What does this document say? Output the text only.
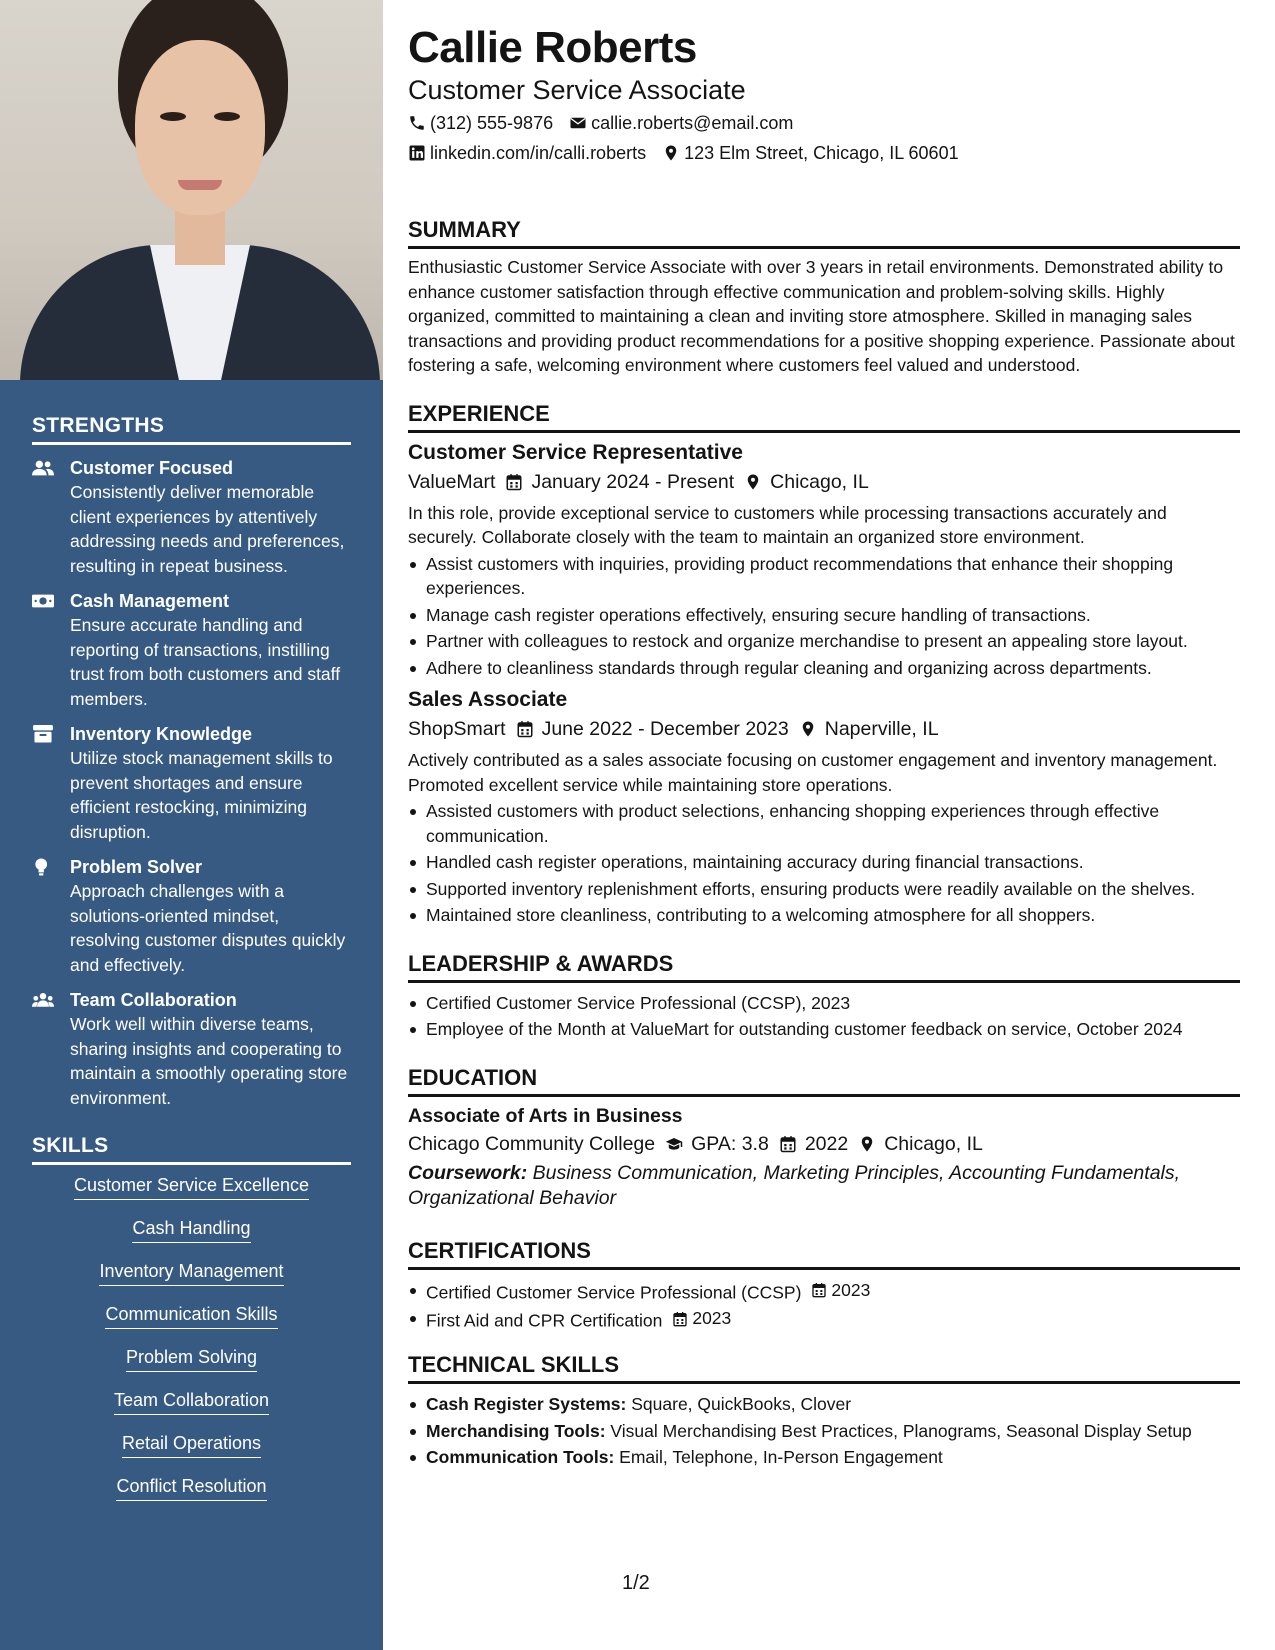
STRENGTHS
Customer Focused
Consistently deliver memorable client experiences by attentively addressing needs and preferences, resulting in repeat business.
Cash Management
Ensure accurate handling and reporting of transactions, instilling trust from both customers and staff members.
Inventory Knowledge
Utilize stock management skills to prevent shortages and ensure efficient restocking, minimizing disruption.
Problem Solver
Approach challenges with a solutions-oriented mindset, resolving customer disputes quickly and effectively.
Team Collaboration
Work well within diverse teams, sharing insights and cooperating to maintain a smoothly operating store environment.
SKILLS
Customer Service Excellence
Cash Handling
Inventory Management
Communication Skills
Problem Solving
Team Collaboration
Retail Operations
Conflict Resolution
Callie Roberts
Customer Service Associate
(312) 555-9876 callie.roberts@email.com
linkedin.com/in/calli.roberts 123 Elm Street, Chicago, IL 60601
SUMMARY
Enthusiastic Customer Service Associate with over 3 years in retail environments. Demonstrated ability to enhance customer satisfaction through effective communication and problem-solving skills. Highly organized, committed to maintaining a clean and inviting store atmosphere. Skilled in managing sales transactions and providing product recommendations for a positive shopping experience. Passionate about fostering a safe, welcoming environment where customers feel valued and understood.
EXPERIENCE
Customer Service Representative
ValueMart January 2024 - Present Chicago, IL
In this role, provide exceptional service to customers while processing transactions accurately and securely. Collaborate closely with the team to maintain an organized store environment.
Assist customers with inquiries, providing product recommendations that enhance their shopping experiences.
Manage cash register operations effectively, ensuring secure handling of transactions.
Partner with colleagues to restock and organize merchandise to present an appealing store layout.
Adhere to cleanliness standards through regular cleaning and organizing across departments.
Sales Associate
ShopSmart June 2022 - December 2023 Naperville, IL
Actively contributed as a sales associate focusing on customer engagement and inventory management. Promoted excellent service while maintaining store operations.
Assisted customers with product selections, enhancing shopping experiences through effective communication.
Handled cash register operations, maintaining accuracy during financial transactions.
Supported inventory replenishment efforts, ensuring products were readily available on the shelves.
Maintained store cleanliness, contributing to a welcoming atmosphere for all shoppers.
LEADERSHIP & AWARDS
Certified Customer Service Professional (CCSP), 2023
Employee of the Month at ValueMart for outstanding customer feedback on service, October 2024
EDUCATION
Associate of Arts in Business
Chicago Community College GPA: 3.8 2022 Chicago, IL
Coursework: Business Communication, Marketing Principles, Accounting Fundamentals, Organizational Behavior
CERTIFICATIONS
Certified Customer Service Professional (CCSP) 2023
First Aid and CPR Certification 2023
TECHNICAL SKILLS
Cash Register Systems: Square, QuickBooks, Clover
Merchandising Tools: Visual Merchandising Best Practices, Planograms, Seasonal Display Setup
Communication Tools: Email, Telephone, In-Person Engagement
1/2
